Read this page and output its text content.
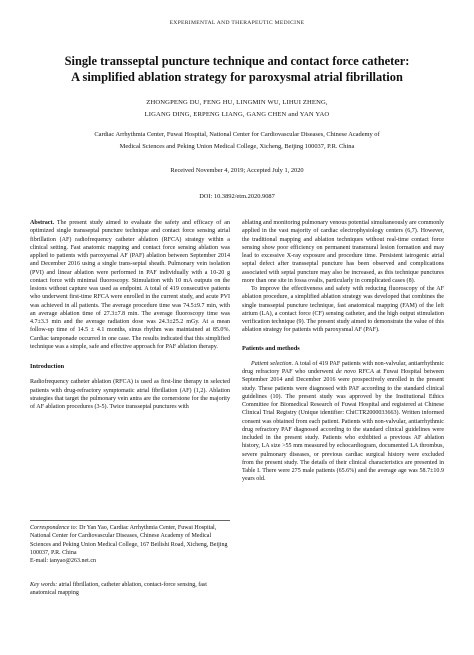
EXPERIMENTAL AND THERAPEUTIC MEDICINE
Single transseptal puncture technique and contact force catheter:
A simplified ablation strategy for paroxysmal atrial fibrillation
ZHONGPENG DU, FENG HU, LINGMIN WU, LIHUI ZHENG,
LIGANG DING, ERPENG LIANG, GANG CHEN and YAN YAO
Cardiac Arrhythmia Center, Fuwai Hospital, National Center for Cardiovascular Diseases, Chinese Academy of
Medical Sciences and Peking Union Medical College, Xicheng, Beijing 100037, P.R. China
Received November 4, 2019; Accepted July 1, 2020
DOI: 10.3892/etm.2020.9087

Abstract. The present study aimed to evaluate the safety and efficacy of an optimized single transseptal puncture technique and contact force sensing atrial fibrillation (AF) radiofrequency catheter ablation (RFCA) strategy within a clinical setting. Fast anatomic mapping and contact force sensing ablation was applied to patients with paroxysmal AF (PAF) ablation between September 2014 and December 2016 using a single trans-septal sheath. Pulmonary vein isolation (PVI) and linear ablation were performed in PAF individually with a 10-20 g contact force with minimal fluoroscopy. Stimulation with 10 mA outputs on the lesions without capture was used as endpoint. A total of 419 consecutive patients who underwent first-time RFCA were enrolled in the current study, and acute PVI was achieved in all patients. The average procedure time was 74.5±9.7 min, with an average ablation time of 27.3±7.8 min. The average fluoroscopy time was 4.7±3.3 min and the average radiation dose was 24.3±25.2 mGy. At a mean follow-up time of 14.5 ± 4.1 months, sinus rhythm was maintained at 85.0%. Cardiac tamponade occurred in one case. The results indicated that this simplified technique was a simple, safe and effective approach for PAF ablation therapy.

Introduction

Radiofrequency catheter ablation (RFCA) is used as first-line therapy in selected patients with drug-refractory symptomatic atrial fibrillation (AF) (1,2). Ablation strategies that target the pulmonary vein antra are the cornerstone for the majority of AF ablation procedures (3-5). Twice transseptal punctures with

Correspondence to: Dr Yan Yao, Cardiac Arrhythmia Center, Fuwai Hospital, National Center for Cardiovascular Diseases, Chinese Academy of Medical Sciences and Peking Union Medical College, 167 Beilishi Road, Xicheng, Beijing 100037, P.R. China
E-mail: ianyao@263.net.cn
Key words: atrial fibrillation, catheter ablation, contact-force sensing, fast anatomical mapping

ablating and monitoring pulmonary venous potential simultaneously are commonly applied in the vast majority of cardiac electrophysiology centers (6,7). However, the traditional mapping and ablation techniques without real-time contact force sensing show poor efficiency on permanent transmural lesion formation and may lead to excessive X-ray exposure and procedure time. Persistent iatrogenic atrial septal defect after transseptal puncture has been observed and complications associated with septal puncture may also be increased, as this technique punctures more than one site in fossa ovalis, particularly in complicated cases (8).

To improve the effectiveness and safety with reducing fluoroscopy of the AF ablation procedure, a simplified ablation strategy was developed that combines the single transseptal puncture technique, fast anatomical mapping (FAM) of the left atrium (LA), a contact force (CF) sensing catheter, and the high output stimulation verification technique (9). The present study aimed to demonstrate the value of this ablation strategy for patients with paroxysmal AF (PAF).

Patients and methods

Patient selection. A total of 419 PAF patients with non-valvular, antiarrhythmic drug refractory PAF who underwent de novo RFCA at Fuwai Hospital between September 2014 and December 2016 were prospectively enrolled in the present study. These patients were diagnosed with PAF according to the standard clinical guidelines (10). The present study was approved by the Institutional Ethics Committee for Biomedical Research of Fuwai Hospital and registered at Chinese Clinical Trial Registry (Unique identifier: ChiCTR2000033663). Written informed consent was obtained from each patient. Patients with non-valvular, antiarrhythmic drug refractory PAF diagnosed according to the standard clinical guidelines were included in the present study. Patients who exhibited a previous AF ablation history, LA size >55 mm measured by echocardiogram, documented LA thrombus, severe pulmonary diseases, or previous cardiac surgical history were excluded from the present study. The details of their clinical characteristics are presented in Table I. There were 275 male patients (65.6%) and the average age was 58.7±10.9 years old.
